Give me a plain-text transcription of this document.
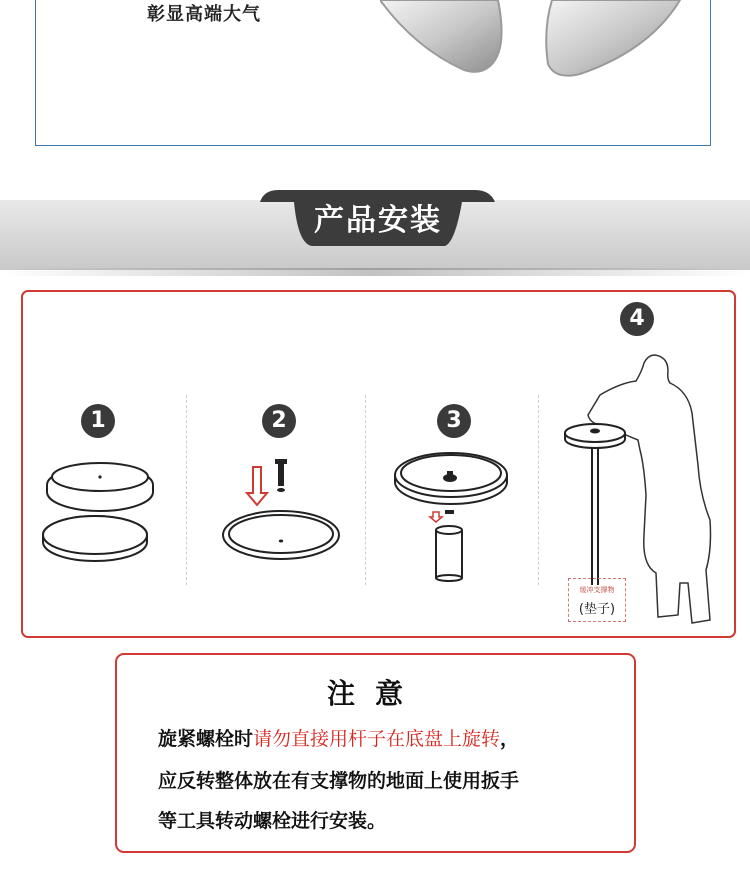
彰显高端大气
产品安装
1	2	3
4
缓冲支撑物
(垫子)
注意
旋紧螺栓时请勿直接用杆子在底盘上旋转，
应反转整体放在有支撑物的地面上使用扳手
等工具转动螺栓进行安装。
